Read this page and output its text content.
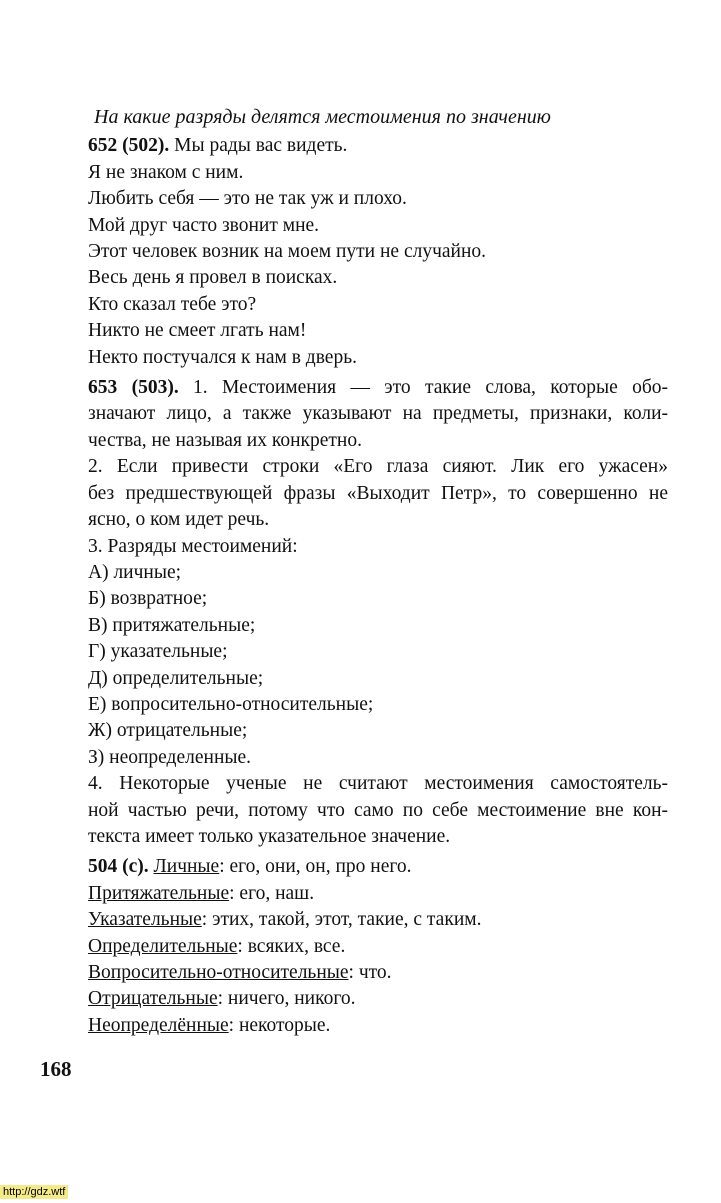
На какие разряды делятся местоимения по значению
652 (502). Мы рады вас видеть.
Я не знаком с ним.
Любить себя — это не так уж и плохо.
Мой друг часто звонит мне.
Этот человек возник на моем пути не случайно.
Весь день я провел в поисках.
Кто сказал тебе это?
Никто не смеет лгать нам!
Некто постучался к нам в дверь.
653 (503). 1. Местоимения — это такие слова, которые обо-
значают лицо, а также указывают на предметы, признаки, коли-
чества, не называя их конкретно.
2. Если привести строки «Его глаза сияют. Лик его ужасен»
без предшествующей фразы «Выходит Петр», то совершенно не
ясно, о ком идет речь.
3. Разряды местоимений:
А) личные;
Б) возвратное;
В) притяжательные;
Г) указательные;
Д) определительные;
Е) вопросительно-относительные;
Ж) отрицательные;
З) неопределенные.
4. Некоторые ученые не считают местоимения самостоятель-
ной частью речи, потому что само по себе местоимение вне кон-
текста имеет только указательное значение.
504 (с). Личные: его, они, он, про него.
Притяжательные: его, наш.
Указательные: этих, такой, этот, такие, с таким.
Определительные: всяких, все.
Вопросительно-относительные: что.
Отрицательные: ничего, никого.
Неопределённые: некоторые.
168
http://gdz.wtf
